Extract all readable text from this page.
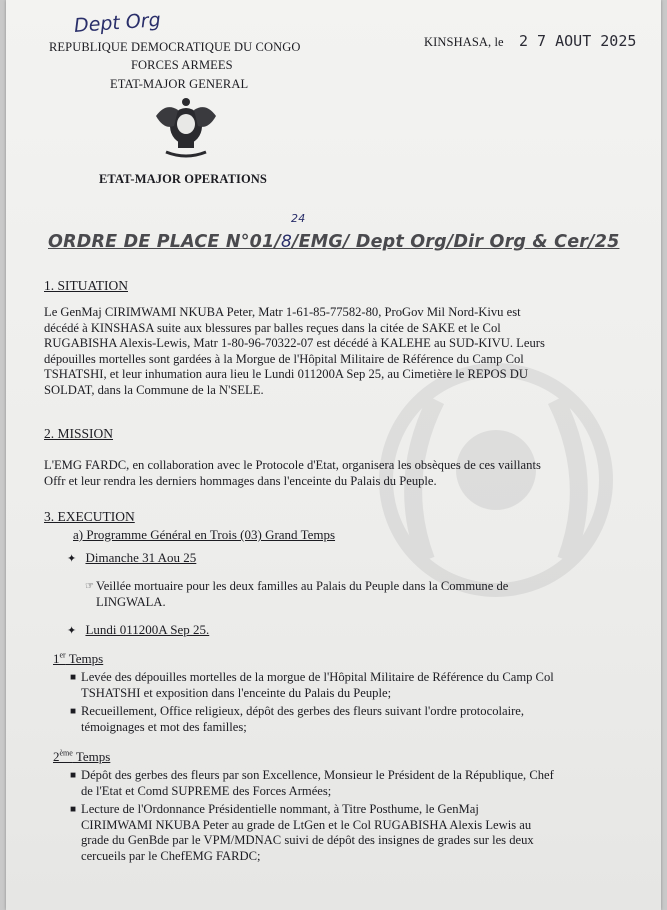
Dept Org
REPUBLIQUE DEMOCRATIQUE DU CONGO
FORCES ARMEES
ETAT-MAJOR GENERAL
ETAT-MAJOR OPERATIONS
KINSHASA, le 2 7 AOUT 2025
ORDRE DE PLACE N°01/8
24
/EMG/ Dept Org/Dir Org & Cer/25
1. SITUATION
Le GenMaj CIRIMWAMI NKUBA Peter, Matr 1-61-85-77582-80, ProGov Mil Nord-Kivu est
décédé à KINSHASA suite aux blessures par balles reçues dans la citée de SAKE et le Col
RUGABISHA Alexis-Lewis, Matr 1-80-96-70322-07 est décédé à KALEHE au SUD-KIVU. Leurs
dépouilles mortelles sont gardées à la Morgue de l'Hôpital Militaire de Référence du Camp Col
TSHATSHI, et leur inhumation aura lieu le Lundi 011200A Sep 25, au Cimetière le REPOS DU
SOLDAT, dans la Commune de la N'SELE.
2. MISSION
L'EMG FARDC, en collaboration avec le Protocole d'Etat, organisera les obsèques de ces vaillants
Offr et leur rendra les derniers hommages dans l'enceinte du Palais du Peuple.
3. EXECUTION
a) Programme Général en Trois (03) Grand Temps
✦ Dimanche 31 Aou 25
☞ Veillée mortuaire pour les deux familles au Palais du Peuple dans la Commune de
LINGWALA.
✦ Lundi 011200A Sep 25.
1er Temps
■ Levée des dépouilles mortelles de la morgue de l'Hôpital Militaire de Référence du Camp Col
TSHATSHI et exposition dans l'enceinte du Palais du Peuple;
■ Recueillement, Office religieux, dépôt des gerbes des fleurs suivant l'ordre protocolaire,
témoignages et mot des familles;
2ème Temps
■ Dépôt des gerbes des fleurs par son Excellence, Monsieur le Président de la République, Chef
de l'Etat et Comd SUPREME des Forces Armées;
■ Lecture de l'Ordonnance Présidentielle nommant, à Titre Posthume, le GenMaj
CIRIMWAMI NKUBA Peter au grade de LtGen et le Col RUGABISHA Alexis Lewis au
grade du GenBde par le VPM/MDNAC suivi de dépôt des insignes de grades sur les deux
cercueils par le ChefEMG FARDC;
